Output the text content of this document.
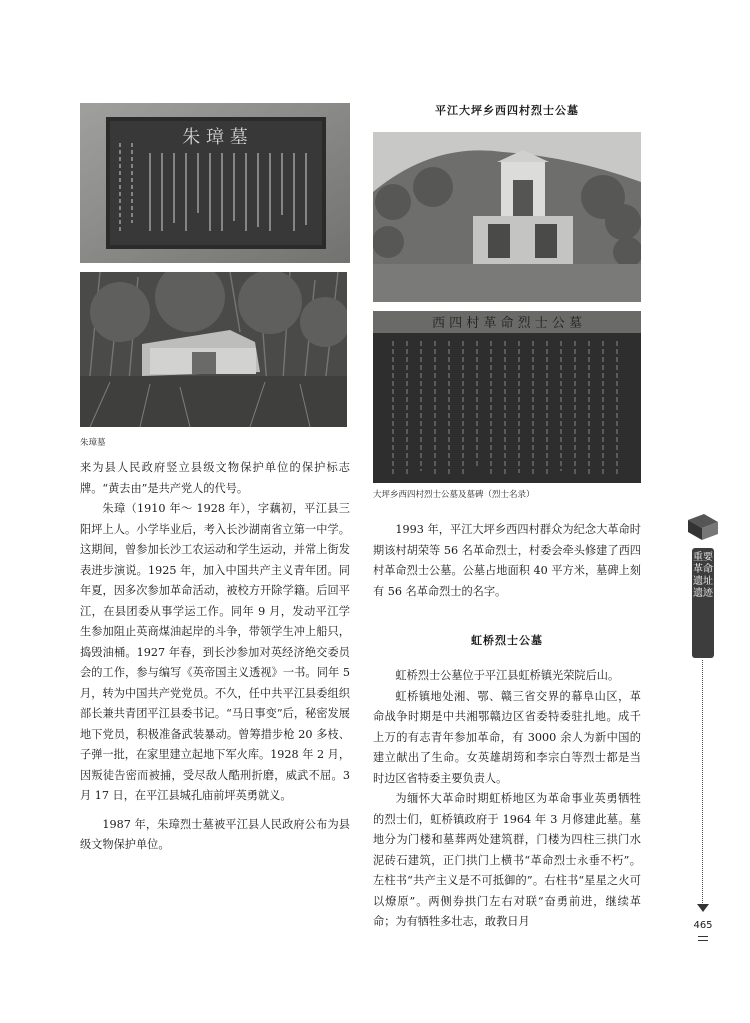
朱 璋 墓
朱璋墓

来为县人民政府竖立县级文物保护单位的保护标志牌。“黄去由”是共产党人的代号。

朱璋（1910 年～ 1928 年），字藕初，平江县三阳坪上人。小学毕业后，考入长沙湖南省立第一中学。这期间，曾参加长沙工农运动和学生运动，并常上街发表进步演说。1925 年，加入中国共产主义青年团。同年夏，因多次参加革命活动，被校方开除学籍。后回平江，在县团委从事学运工作。同年 9 月，发动平江学生参加阻止英商煤油起岸的斗争，带领学生冲上船只，捣毁油桶。1927 年春，到长沙参加对英经济绝交委员会的工作，参与编写《英帝国主义透视》一书。同年 5 月，转为中国共产党党员。不久，任中共平江县委组织部长兼共青团平江县委书记。“马日事变”后，秘密发展地下党员，积极准备武装暴动。曾筹措步枪 20 多枝、子弹一批，在家里建立起地下军火库。1928 年 2 月，因叛徒告密而被捕，受尽敌人酷刑折磨，威武不屈。3 月 17 日，在平江县城孔庙前坪英勇就义。

1987 年，朱璋烈士墓被平江县人民政府公布为县级文物保护单位。

平江大坪乡西四村烈士公墓
西 四 村 革 命 烈 士 公 墓
大坪乡西四村烈士公墓及墓碑（烈士名录）

1993 年，平江大坪乡西四村群众为纪念大革命时期该村胡荣等 56 名革命烈士，村委会牵头修建了西四村革命烈士公墓。公墓占地面积 40 平方米，墓碑上刻有 56 名革命烈士的名字。

虹桥烈士公墓

虹桥烈士公墓位于平江县虹桥镇光荣院后山。

虹桥镇地处湘、鄂、赣三省交界的幕阜山区，革命战争时期是中共湘鄂赣边区省委特委驻扎地。成千上万的有志青年参加革命，有 3000 余人为新中国的建立献出了生命。女英雄胡筠和李宗白等烈士都是当时边区省特委主要负责人。

为缅怀大革命时期虹桥地区为革命事业英勇牺牲的烈士们，虹桥镇政府于 1964 年 3 月修建此墓。墓地分为门楼和墓葬两处建筑群，门楼为四柱三拱门水泥砖石建筑，正门拱门上横书“革命烈士永垂不朽”。左柱书“共产主义是不可抵御的”。右柱书“星星之火可以燎原”。两侧券拱门左右对联“奋勇前进，继续革命；为有牺牲多壮志，敢教日月

重要革命遗址遗迹
465
